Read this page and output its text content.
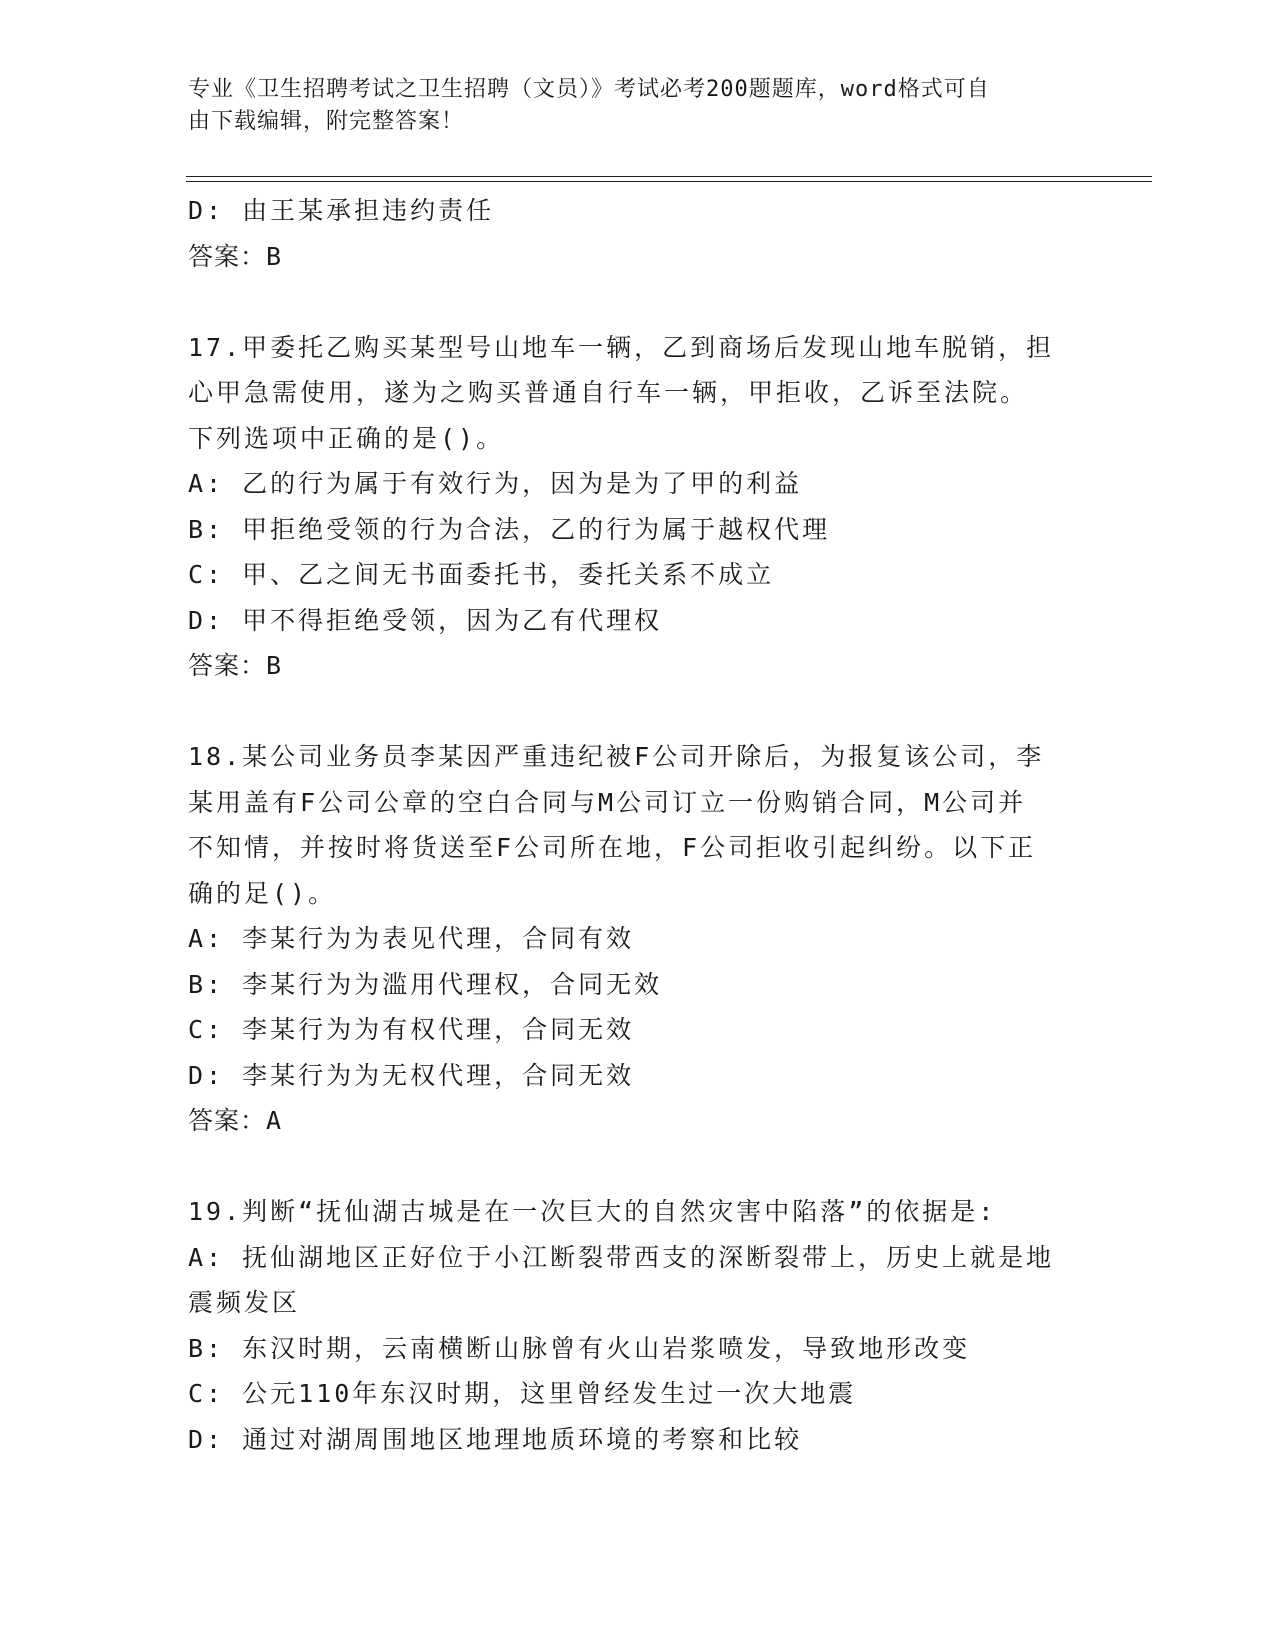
专业《卫生招聘考试之卫生招聘（文员）》考试必考200题题库，word格式可自
由下载编辑，附完整答案！
D: 由王某承担违约责任
答案：B
17.甲委托乙购买某型号山地车一辆，乙到商场后发现山地车脱销，担
心甲急需使用，遂为之购买普通自行车一辆，甲拒收，乙诉至法院。
下列选项中正确的是()。
A: 乙的行为属于有效行为，因为是为了甲的利益
B: 甲拒绝受领的行为合法，乙的行为属于越权代理
C: 甲、乙之间无书面委托书，委托关系不成立
D: 甲不得拒绝受领，因为乙有代理权
答案：B
18.某公司业务员李某因严重违纪被F公司开除后，为报复该公司，李
某用盖有F公司公章的空白合同与M公司订立一份购销合同，M公司并
不知情，并按时将货送至F公司所在地，F公司拒收引起纠纷。以下正
确的足()。
A: 李某行为为表见代理，合同有效
B: 李某行为为滥用代理权，合同无效
C: 李某行为为有权代理，合同无效
D: 李某行为为无权代理，合同无效
答案：A
19.判断“抚仙湖古城是在一次巨大的自然灾害中陷落”的依据是:
A: 抚仙湖地区正好位于小江断裂带西支的深断裂带上，历史上就是地
震频发区
B: 东汉时期，云南横断山脉曾有火山岩浆喷发，导致地形改变
C: 公元110年东汉时期，这里曾经发生过一次大地震
D: 通过对湖周围地区地理地质环境的考察和比较
